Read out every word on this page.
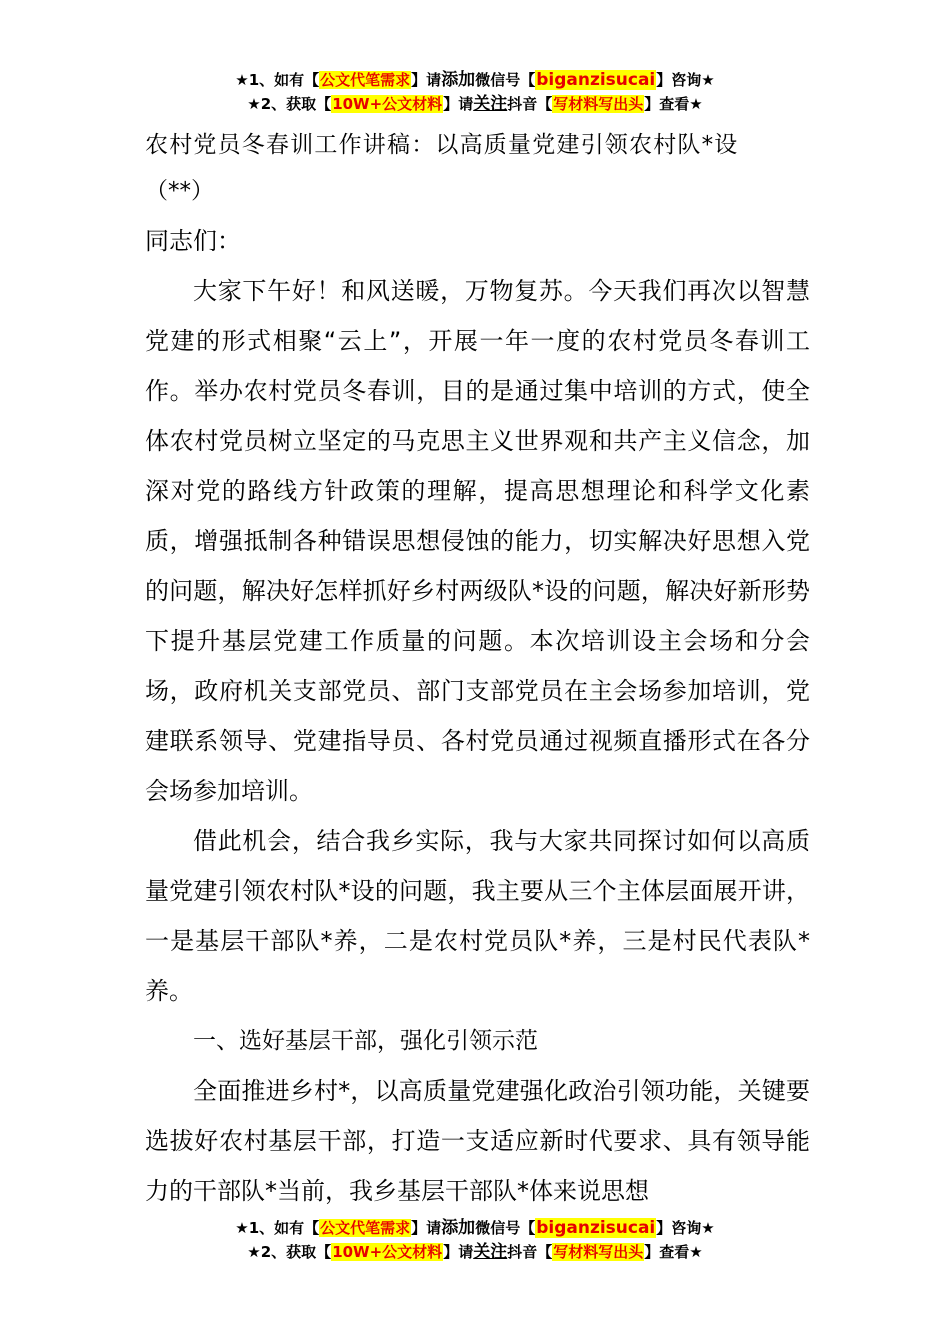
★1、如有【公文代笔需求】请添加微信号【biganzisucai】咨询★
★2、获取【10W+公文材料】请关注抖音【写材料写出头】查看★
农村党员冬春训工作讲稿：以高质量党建引领农村队*设

（**）

同志们：

大家下午好！和风送暖，万物复苏。今天我们再次以智慧党建的形式相聚“云上”，开展一年一度的农村党员冬春训工作。举办农村党员冬春训，目的是通过集中培训的方式，使全体农村党员树立坚定的马克思主义世界观和共产主义信念，加深对党的路线方针政策的理解，提高思想理论和科学文化素质，增强抵制各种错误思想侵蚀的能力，切实解决好思想入党的问题，解决好怎样抓好乡村两级队*设的问题，解决好新形势下提升基层党建工作质量的问题。本次培训设主会场和分会场，政府机关支部党员、部门支部党员在主会场参加培训，党建联系领导、党建指导员、各村党员通过视频直播形式在各分会场参加培训。

借此机会，结合我乡实际，我与大家共同探讨如何以高质量党建引领农村队*设的问题，我主要从三个主体层面展开讲，一是基层干部队*养，二是农村党员队*养，三是村民代表队*养。

一、选好基层干部，强化引领示范

全面推进乡村*，以高质量党建强化政治引领功能，关键要选拔好农村基层干部，打造一支适应新时代要求、具有领导能力的干部队*当前，我乡基层干部队*体来说思想

★1、如有【公文代笔需求】请添加微信号【biganzisucai】咨询★
★2、获取【10W+公文材料】请关注抖音【写材料写出头】查看★
